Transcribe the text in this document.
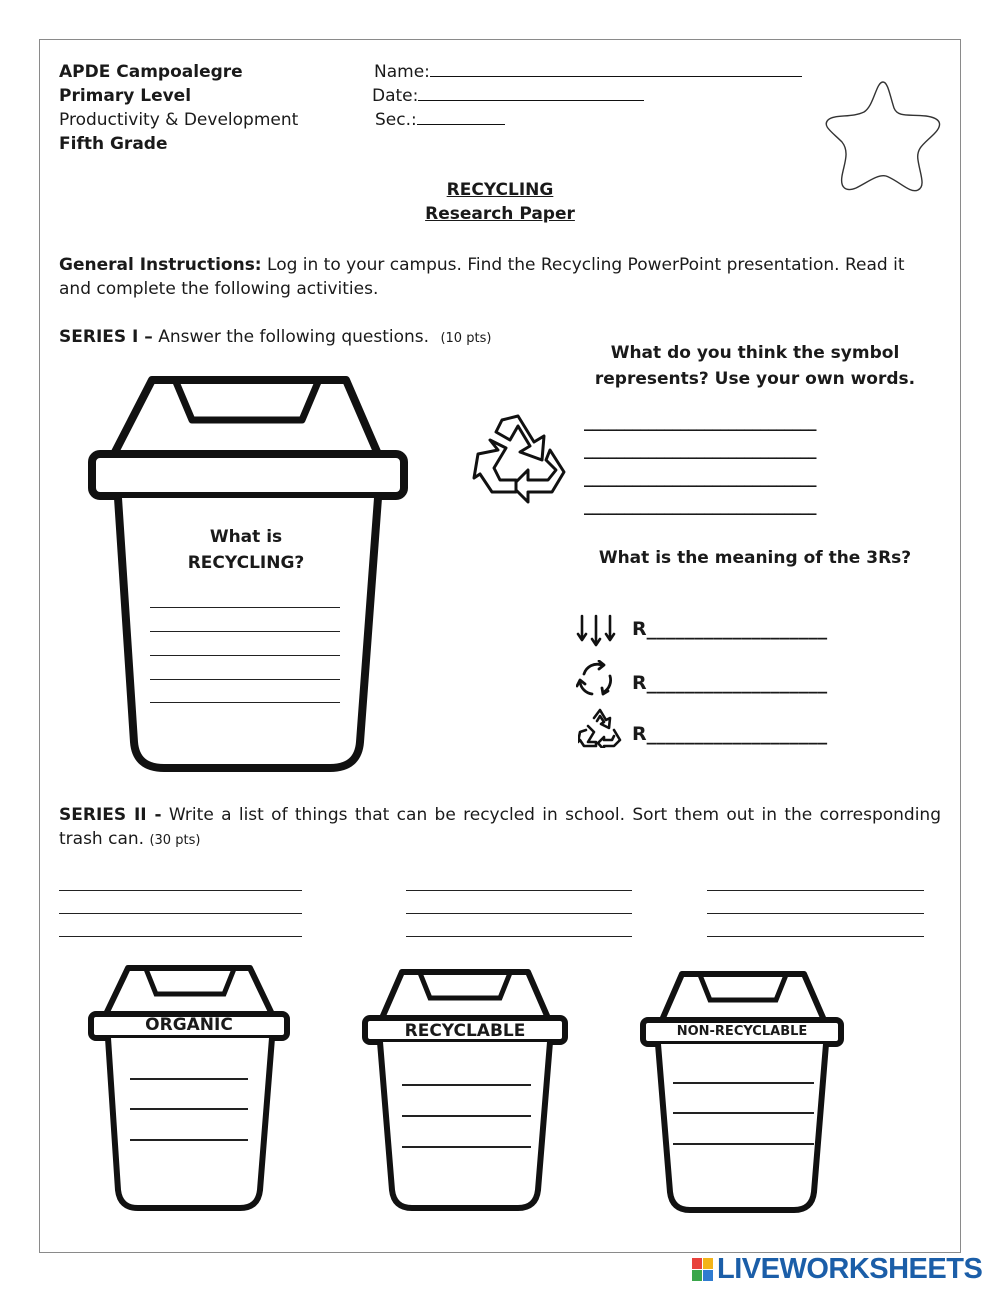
APDE Campoalegre
Primary Level
Productivity & Development
Fifth Grade
Name:
Date:
Sec.:
RECYCLING
Research Paper
General Instructions: Log in to your campus. Find the Recycling PowerPoint presentation. Read it and complete the following activities.
SERIES I – Answer the following questions. (10 pts)
What is
RECYCLING?
What do you think the symbol represents? Use your own words.
_____________________________
_____________________________
_____________________________
_____________________________
What is the meaning of the 3Rs?
R___________________
R___________________
R___________________
SERIES II - Write a list of things that can be recycled in school. Sort them out in the corresponding trash can. (30 pts)
ORGANIC	RECYCLABLE	NON-RECYCLABLE
LIVEWORKSHEETS
